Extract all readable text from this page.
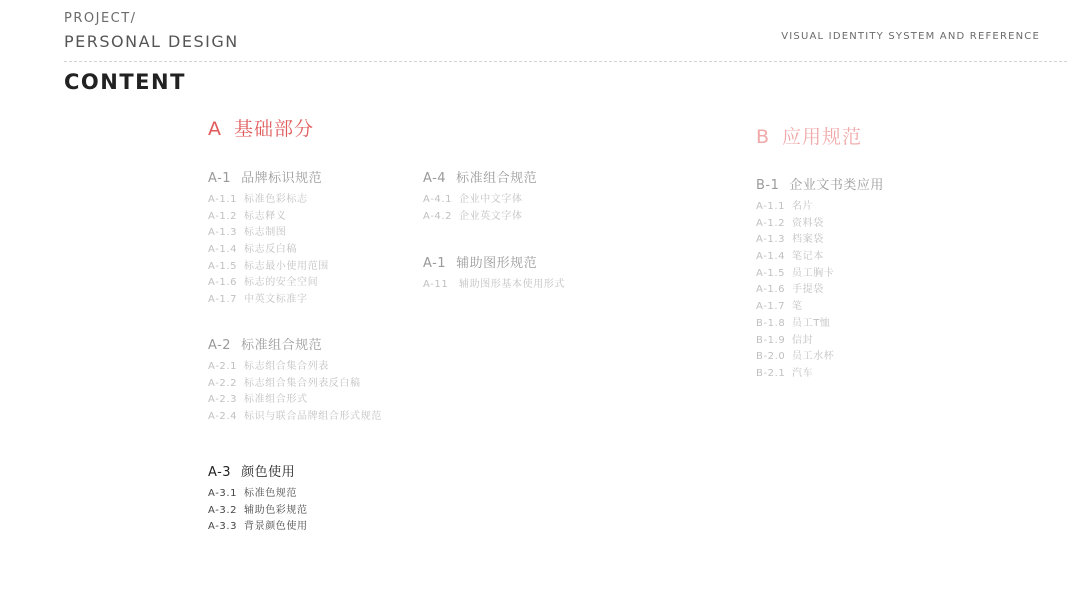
PROJECT/
PERSONAL DESIGN	VISUAL IDENTITY SYSTEM AND REFERENCE
CONTENT
A 基础部分	B 应用规范
A-1 品牌标识规范
A-1.1 标准色彩标志
A-1.2 标志释义
A-1.3 标志制图
A-1.4 标志反白稿
A-1.5 标志最小使用范围
A-1.6 标志的安全空间
A-1.7 中英文标准字
A-2 标准组合规范
A-2.1 标志组合集合列表
A-2.2 标志组合集合列表反白稿
A-2.3 标准组合形式
A-2.4 标识与联合品牌组合形式规范
A-3 颜色使用
A-3.1 标准色规范
A-3.2 辅助色彩规范
A-3.3 背景颜色使用
A-4 标准组合规范
A-4.1 企业中文字体
A-4.2 企业英文字体
A-1 辅助图形规范
A-11 辅助图形基本使用形式
B-1 企业文书类应用
A-1.1 名片
A-1.2 资料袋
A-1.3 档案袋
A-1.4 笔记本
A-1.5 员工胸卡
A-1.6 手提袋
A-1.7 笔
B-1.8 员工T恤
B-1.9 信封
B-2.0 员工水杯
B-2.1 汽车
